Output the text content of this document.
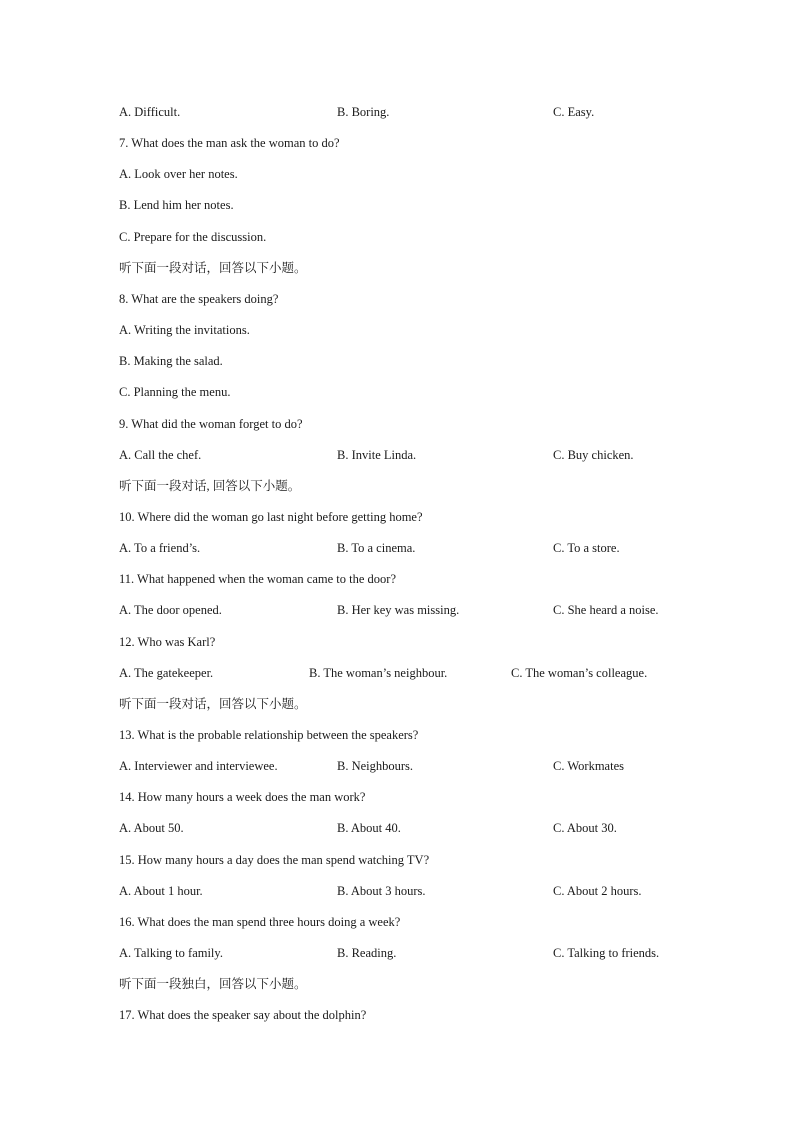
A. Difficult.	B. Boring.	C. Easy.
7. What does the man ask the woman to do?
A. Look over her notes.
B. Lend him her notes.
C. Prepare for the discussion.
听下面一段对话，回答以下小题。
8. What are the speakers doing?
A. Writing the invitations.
B. Making the salad.
C. Planning the menu.
9. What did the woman forget to do?
A. Call the chef.	B. Invite Linda.	C. Buy chicken.
听下面一段对话, 回答以下小题。
10. Where did the woman go last night before getting home?
A. To a friend’s.	B. To a cinema.	C. To a store.
11. What happened when the woman came to the door?
A. The door opened.	B. Her key was missing.	C. She heard a noise.
12. Who was Karl?
A. The gatekeeper.	B. The woman’s neighbour.	C. The woman’s colleague.
听下面一段对话，回答以下小题。
13. What is the probable relationship between the speakers?
A. Interviewer and interviewee.	B. Neighbours.	C. Workmates
14. How many hours a week does the man work?
A. About 50.	B. About 40.	C. About 30.
15. How many hours a day does the man spend watching TV?
A. About 1 hour.	B. About 3 hours.	C. About 2 hours.
16. What does the man spend three hours doing a week?
A. Talking to family.	B. Reading.	C. Talking to friends.
听下面一段独白，回答以下小题。
17. What does the speaker say about the dolphin?
